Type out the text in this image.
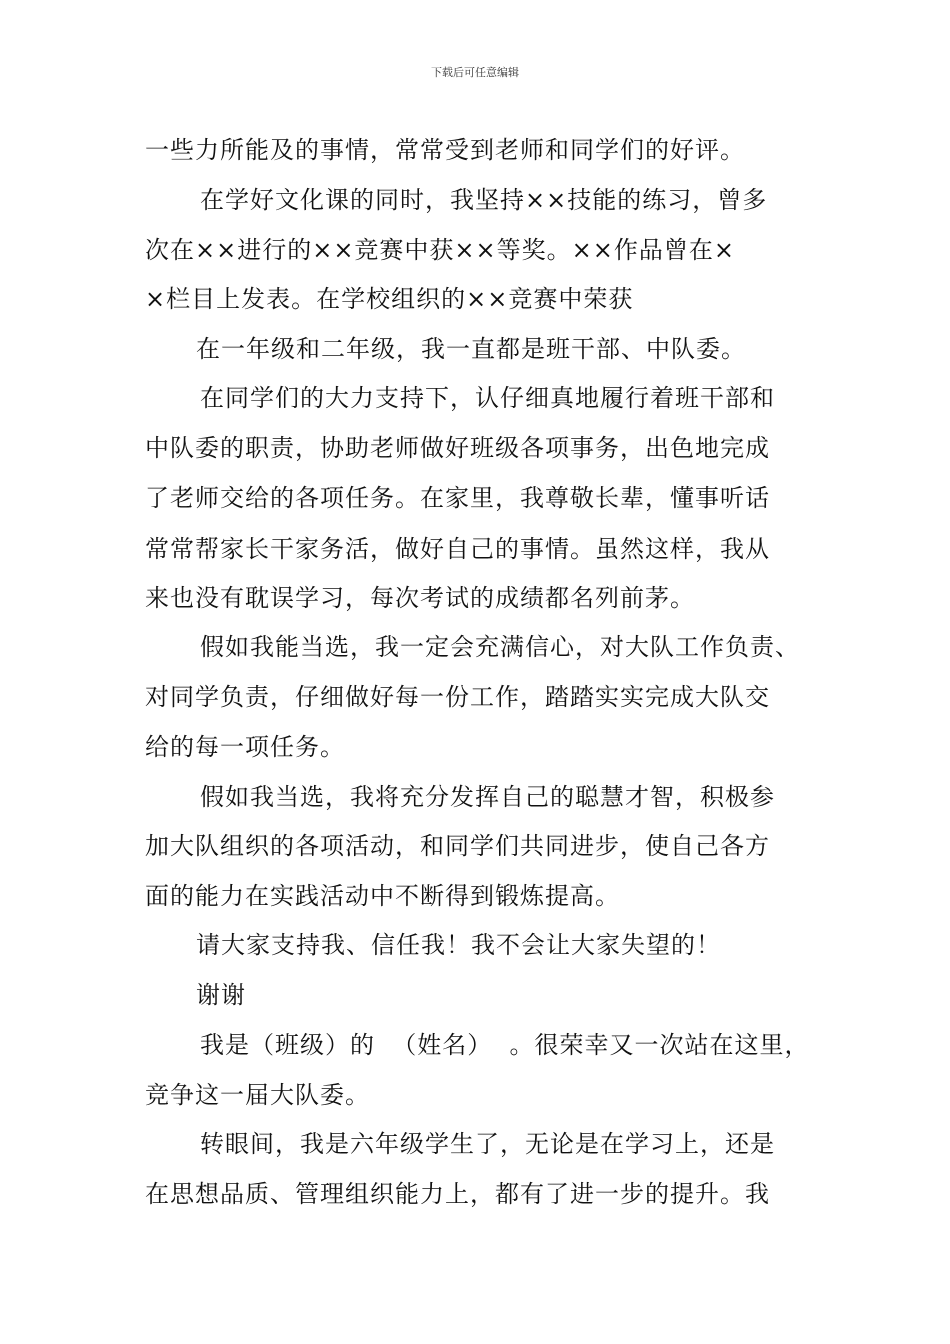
下载后可任意编辑
一些力所能及的事情，常常受到老师和同学们的好评。
在学好文化课的同时，我坚持××技能的练习，曾多
次在××进行的××竞赛中获××等奖。××作品曾在×
×栏目上发表。在学校组织的××竞赛中荣获
在一年级和二年级，我一直都是班干部、中队委。
在同学们的大力支持下，认仔细真地履行着班干部和
中队委的职责，协助老师做好班级各项事务，出色地完成
了老师交给的各项任务。在家里，我尊敬长辈，懂事听话
常常帮家长干家务活，做好自己的事情。虽然这样，我从
来也没有耽误学习，每次考试的成绩都名列前茅。
假如我能当选，我一定会充满信心，对大队工作负责、
对同学负责，仔细做好每一份工作，踏踏实实完成大队交
给的每一项任务。
假如我当选，我将充分发挥自己的聪慧才智，积极参
加大队组织的各项活动，和同学们共同进步，使自己各方
面的能力在实践活动中不断得到锻炼提高。
请大家支持我、信任我！我不会让大家失望的！
谢谢
我是（班级）的  （姓名）  。很荣幸又一次站在这里，
竞争这一届大队委。
转眼间，我是六年级学生了，无论是在学习上，还是
在思想品质、管理组织能力上，都有了进一步的提升。我
